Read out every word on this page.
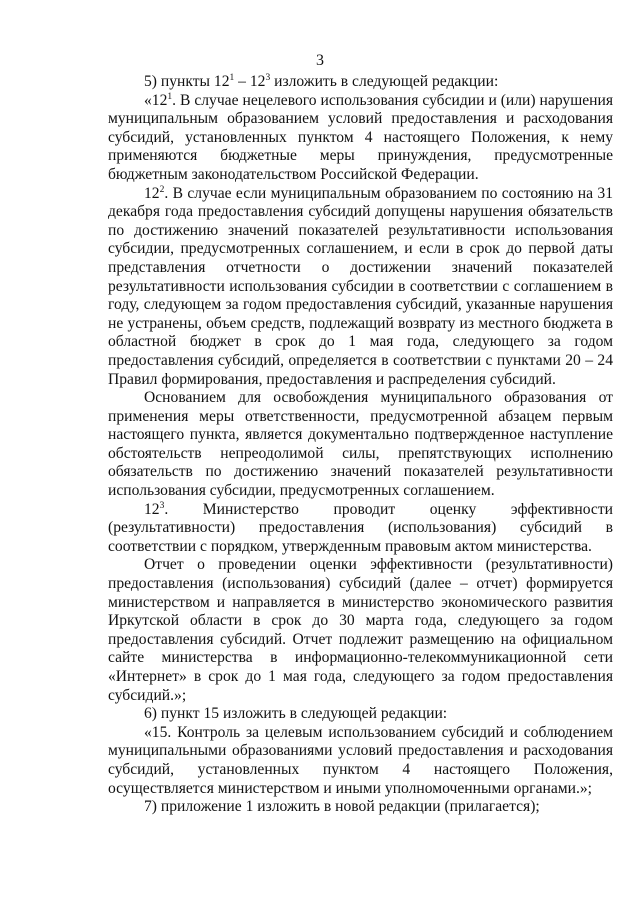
3

5) пункты $12^1 - 12^3$ изложить в следующей редакции:

«$12^1$. В случае нецелевого использования субсидии и (или) нарушения муниципальным образованием условий предоставления и расходования субсидий, установленных пунктом 4 настоящего Положения, к нему применяются бюджетные меры принуждения, предусмотренные бюджетным законодательством Российской Федерации.

$12^2$. В случае если муниципальным образованием по состоянию на 31 декабря года предоставления субсидий допущены нарушения обязательств по достижению значений показателей результативности использования субсидии, предусмотренных соглашением, и если в срок до первой даты представления отчетности о достижении значений показателей результативности использования субсидии в соответствии с соглашением в году, следующем за годом предоставления субсидий, указанные нарушения не устранены, объем средств, подлежащий возврату из местного бюджета в областной бюджет в срок до 1 мая года, следующего за годом предоставления субсидий, определяется в соответствии с пунктами 20 – 24 Правил формирования, предоставления и распределения субсидий.

Основанием для освобождения муниципального образования от применения меры ответственности, предусмотренной абзацем первым настоящего пункта, является документально подтвержденное наступление обстоятельств непреодолимой силы, препятствующих исполнению обязательств по достижению значений показателей результативности использования субсидии, предусмотренных соглашением.

$12^3$. Министерство проводит оценку эффективности (результативности) предоставления (использования) субсидий в соответствии с порядком, утвержденным правовым актом министерства.

Отчет о проведении оценки эффективности (результативности) предоставления (использования) субсидий (далее – отчет) формируется министерством и направляется в министерство экономического развития Иркутской области в срок до 30 марта года, следующего за годом предоставления субсидий. Отчет подлежит размещению на официальном сайте министерства в информационно-телекоммуникационной сети «Интернет» в срок до 1 мая года, следующего за годом предоставления субсидий.»;

6) пункт 15 изложить в следующей редакции:

«15. Контроль за целевым использованием субсидий и соблюдением муниципальными образованиями условий предоставления и расходования субсидий, установленных пунктом 4 настоящего Положения, осуществляется министерством и иными уполномоченными органами.»;

7) приложение 1 изложить в новой редакции (прилагается);
